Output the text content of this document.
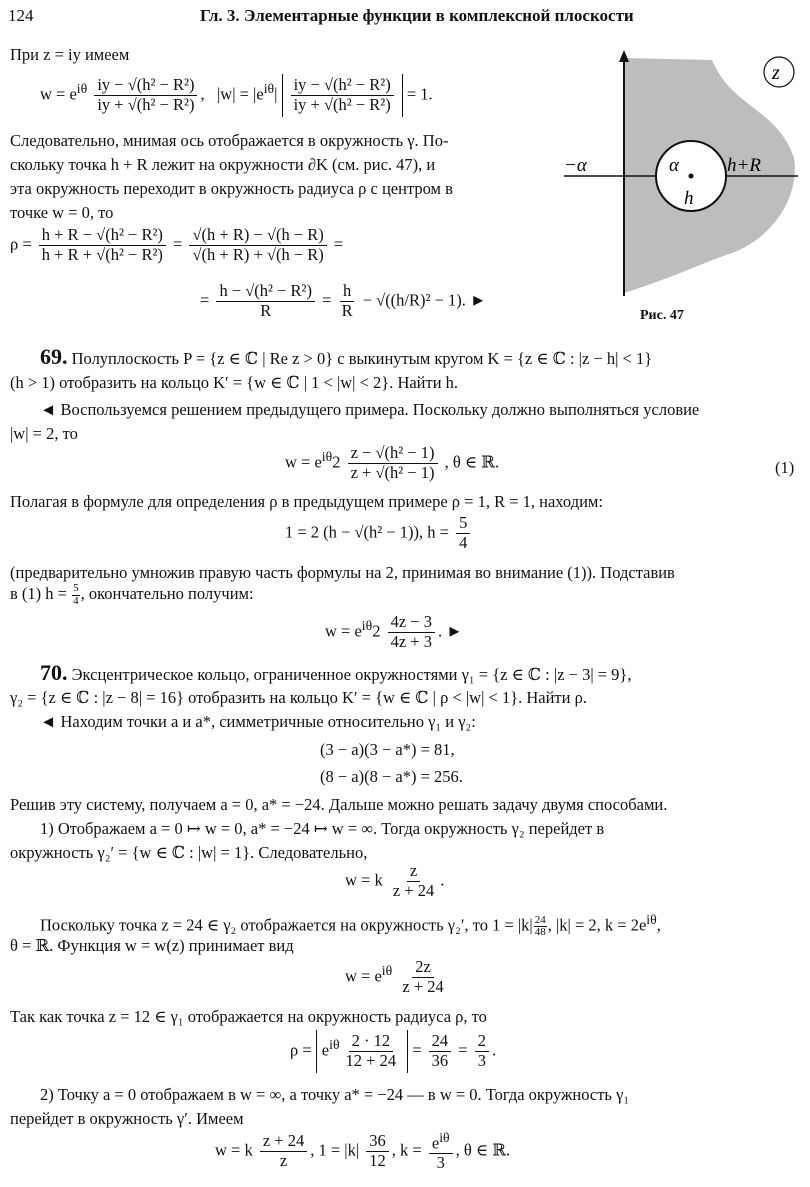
124	Гл. 3. Элементарные функции в комплексной плоскости
z
−α	α	h+R
h
Рис. 47
При z = iy имеем
$w = e^{i\theta} \frac{\text{iy − √(h² − R²)}}{\text{iy + √(h² − R²)}}$ ,   $|w| = |e^{i\theta}| \frac{\text{iy − √(h² − R²)}}{\text{iy + √(h² − R²)}} = 1$.
Следовательно, мнимая ось отображается в окружность γ. По-
скольку точка h + R лежит на окружности ∂K (см. рис. 47), и
эта окружность переходит в окружность радиуса ρ с центром в
точке w = 0, то
$\rho = \frac{\text{h + R − √(h² − R²)}}{\text{h + R + √(h² − R²)}} = \frac{√(h + R) - √(h - R)}{√(h + R) + √(h - R)}$ =
= $\frac{\text{h − √(h² − R²)}}{R} = \frac{h}{R} - √((h/R)^2 - 1)$. ►
69. Полуплоскость P = {z ∈ ℂ | Re z > 0} с выкинутым кругом K = {z ∈ ℂ : |z − h| < 1}
(h > 1) отобразить на кольцо K′ = {w ∈ ℂ | 1 < |w| < 2}. Найти h.
◄ Воспользуемся решением предыдущего примера. Поскольку должно выполняться условие
|w| = 2, то
$w = e^{i\theta}2 \frac{\text{z − √(h² − 1)}}{\text{z + √(h² − 1)}}$ , θ ∈ ℝ.	(1)
Полагая в формуле для определения ρ в предыдущем примере ρ = 1, R = 1, находим:
1 = 2 (h − √(h² − 1)), $h = \frac{5}{4}$
(предварительно умножив правую часть формулы на 2, принимая во внимание (1)). Подставив
в (1) $h = \frac{5}{4}$ , окончательно получим:
$w = e^{i\theta}2 \frac{4z - 3}{4z + 3}$ . ►
70. Эксцентрическое кольцо, ограниченное окружностями γ₁ = {z ∈ ℂ : |z − 3| = 9},
γ₂ = {z ∈ ℂ : |z − 8| = 16} отобразить на кольцо K′ = {w ∈ ℂ | ρ < |w| < 1}. Найти ρ.
◄ Находим точки a и a*, симметричные относительно γ₁ и γ₂:
(3 − a)(3 − a*) = 81,
(8 − a)(8 − a*) = 256.
Решив эту систему, получаем a = 0, a* = −24. Дальше можно решать задачу двумя способами.
1) Отображаем a = 0 ↦ w = 0, a* = −24 ↦ w = ∞. Тогда окружность γ₂ перейдет в
окружность γ₂′ = {w ∈ ℂ : |w| = 1}. Следовательно,
w = k $\frac{z}{z + 24}$ .
Поскольку точка z = 24 ∈ γ₂ отображается на окружность γ₂′, то $1 = |k| \frac{24}{48}$ , |k| = 2, $k = 2e^{i\theta}$,
θ = ℝ. Функция w = w(z) принимает вид
$w = e^{i\theta} \frac{2z}{z + 24}$
Так как точка z = 12 ∈ γ₁ отображается на окружность радиуса ρ, то
$\rho = e^{i\theta} \frac{2 \cdot 12}{12 + 24} = \frac{24}{36} = \frac{2}{3}$ .
2) Точку a = 0 отображаем в w = ∞, а точку a* = −24 — в w = 0. Тогда окружность γ₁
перейдет в окружность γ′. Имеем
w = k $\frac{z + 24}{z}$ , $1 = |k| \frac{36}{12}$ , $k = \frac{e^{i\theta}}{3}$ , θ ∈ ℝ.
